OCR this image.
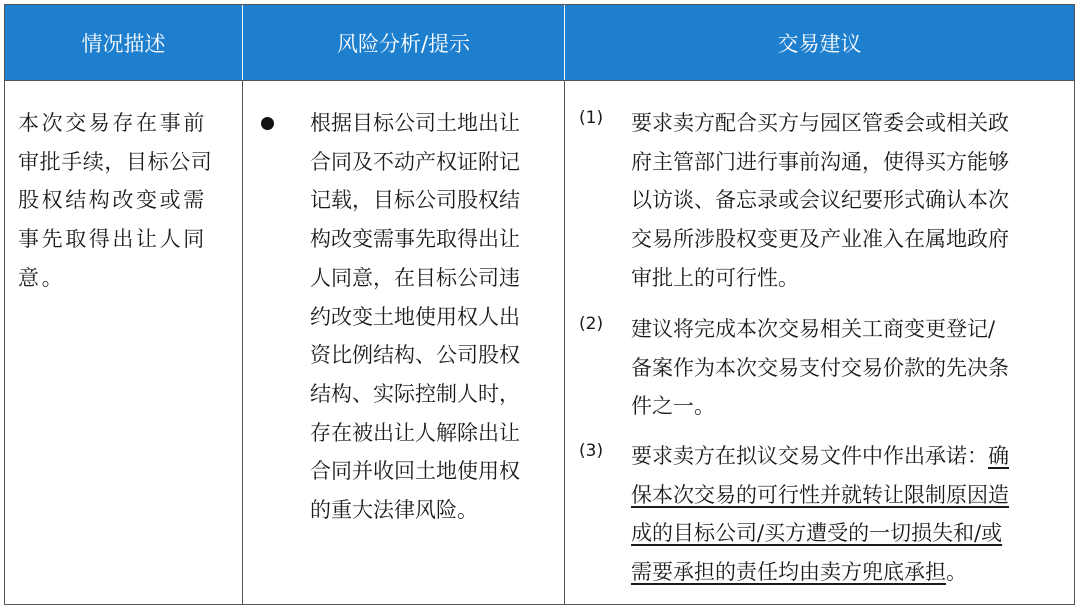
情况描述	风险分析/提示	交易建议
本次交易存在事前
审批手续，目标公司
股权结构改变或需
事先取得出让人同
意。
根据目标公司土地出让
合同及不动产权证附记
记载，目标公司股权结
构改变需事先取得出让
人同意，在目标公司违
约改变土地使用权人出
资比例结构、公司股权
结构、实际控制人时，
存在被出让人解除出让
合同并收回土地使用权
的重大法律风险。
(1) 要求卖方配合买方与园区管委会或相关政
府主管部门进行事前沟通，使得买方能够
以访谈、备忘录或会议纪要形式确认本次
交易所涉股权变更及产业准入在属地政府
审批上的可行性。
(2) 建议将完成本次交易相关工商变更登记/
备案作为本次交易支付交易价款的先决条
件之一。
(3) 要求卖方在拟议交易文件中作出承诺：确
保本次交易的可行性并就转让限制原因造
成的目标公司/买方遭受的一切损失和/或
需要承担的责任均由卖方兜底承担。
